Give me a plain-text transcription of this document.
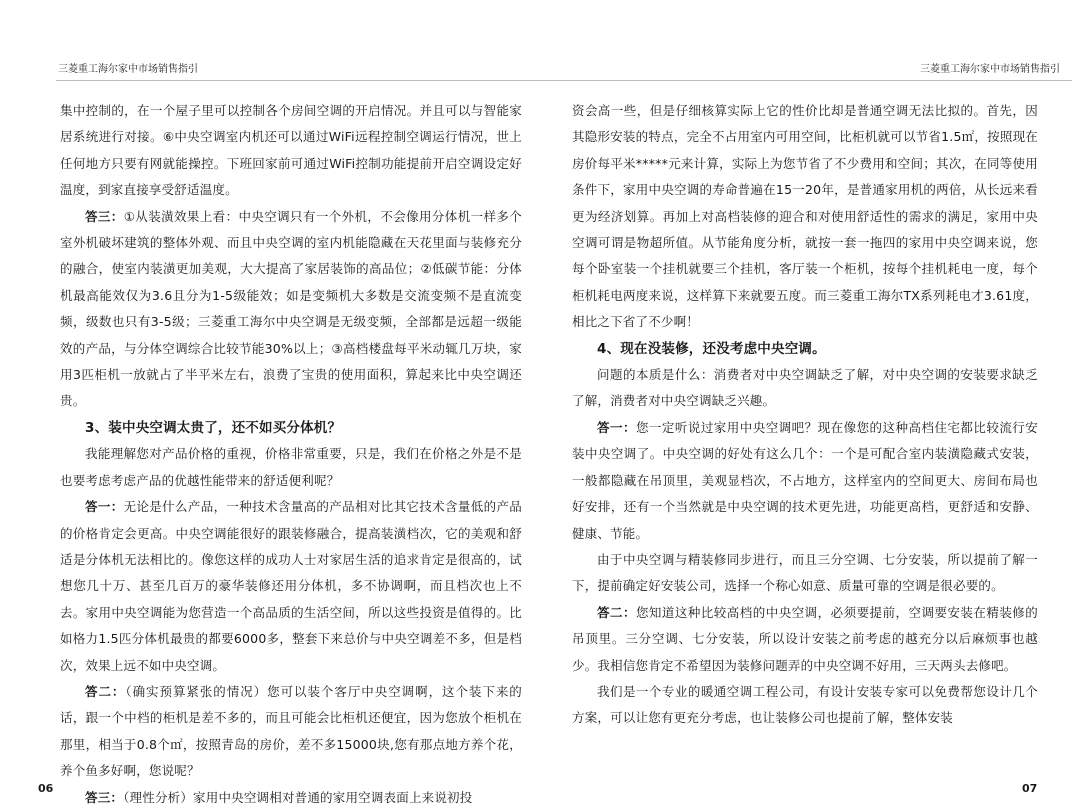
三菱重工海尔家中市场销售指引

集中控制的，在一个屋子里可以控制各个房间空调的开启情况。并且可以与智能家居系统进行对接。⑥中央空调室内机还可以通过WiFi远程控制空调运行情况，世上任何地方只要有网就能操控。下班回家前可通过WiFi控制功能提前开启空调设定好温度，到家直接享受舒适温度。

答三：①从装潢效果上看：中央空调只有一个外机，不会像用分体机一样多个室外机破坏建筑的整体外观、而且中央空调的室内机能隐藏在天花里面与装修充分的融合，使室内装潢更加美观，大大提高了家居装饰的高品位；②低碳节能：分体机最高能效仅为3.6且分为1-5级能效；如是变频机大多数是交流变频不是直流变频，级数也只有3-5级；三菱重工海尔中央空调是无级变频，全部都是远超一级能效的产品，与分体空调综合比较节能30%以上；③高档楼盘每平米动辄几万块，家用3匹柜机一放就占了半平米左右，浪费了宝贵的使用面积，算起来比中央空调还贵。

3、装中央空调太贵了，还不如买分体机？

我能理解您对产品价格的重视，价格非常重要，只是，我们在价格之外是不是也要考虑考虑产品的优越性能带来的舒适便利呢？

答一：无论是什么产品，一种技术含量高的产品相对比其它技术含量低的产品的价格肯定会更高。中央空调能很好的跟装修融合，提高装潢档次，它的美观和舒适是分体机无法相比的。像您这样的成功人士对家居生活的追求肯定是很高的，试想您几十万、甚至几百万的豪华装修还用分体机，多不协调啊，而且档次也上不去。家用中央空调能为您营造一个高品质的生活空间，所以这些投资是值得的。比如格力1.5匹分体机最贵的都要6000多，整套下来总价与中央空调差不多，但是档次，效果上远不如中央空调。

答二：（确实预算紧张的情况）您可以装个客厅中央空调啊，这个装下来的话，跟一个中档的柜机是差不多的，而且可能会比柜机还便宜，因为您放个柜机在那里，相当于0.8个㎡，按照青岛的房价，差不多15000块,您有那点地方养个花，养个鱼多好啊，您说呢？

答三：（理性分析）家用中央空调相对普通的家用空调表面上来说初投

06
三菱重工海尔家中市场销售指引

资会高一些，但是仔细核算实际上它的性价比却是普通空调无法比拟的。首先，因其隐形安装的特点，完全不占用室内可用空间，比柜机就可以节省1.5㎡，按照现在房价每平米*****元来计算，实际上为您节省了不少费用和空间；其次，在同等使用条件下，家用中央空调的寿命普遍在15一20年，是普通家用机的两倍，从长远来看更为经济划算。再加上对高档装修的迎合和对使用舒适性的需求的满足，家用中央空调可谓是物超所值。从节能角度分析，就按一套一拖四的家用中央空调来说，您每个卧室装一个挂机就要三个挂机，客厅装一个柜机，按每个挂机耗电一度，每个柜机耗电两度来说，这样算下来就要五度。而三菱重工海尔TX系列耗电才3.61度，相比之下省了不少啊！

4、现在没装修，还没考虑中央空调。

问题的本质是什么：消费者对中央空调缺乏了解，对中央空调的安装要求缺乏了解，消费者对中央空调缺乏兴趣。

答一：您一定听说过家用中央空调吧？现在像您的这种高档住宅都比较流行安装中央空调了。中央空调的好处有这么几个：一个是可配合室内装潢隐藏式安装，一般都隐藏在吊顶里，美观显档次，不占地方，这样室内的空间更大、房间布局也好安排，还有一个当然就是中央空调的技术更先进，功能更高档，更舒适和安静、健康、节能。

由于中央空调与精装修同步进行，而且三分空调、七分安装，所以提前了解一下，提前确定好安装公司，选择一个称心如意、质量可靠的空调是很必要的。

答二：您知道这种比较高档的中央空调，必须要提前，空调要安装在精装修的吊顶里。三分空调、七分安装，所以设计安装之前考虑的越充分以后麻烦事也越少。我相信您肯定不希望因为装修问题弄的中央空调不好用，三天两头去修吧。

我们是一个专业的暖通空调工程公司，有设计安装专家可以免费帮您设计几个方案，可以让您有更充分考虑，也让装修公司也提前了解，整体安装

07
